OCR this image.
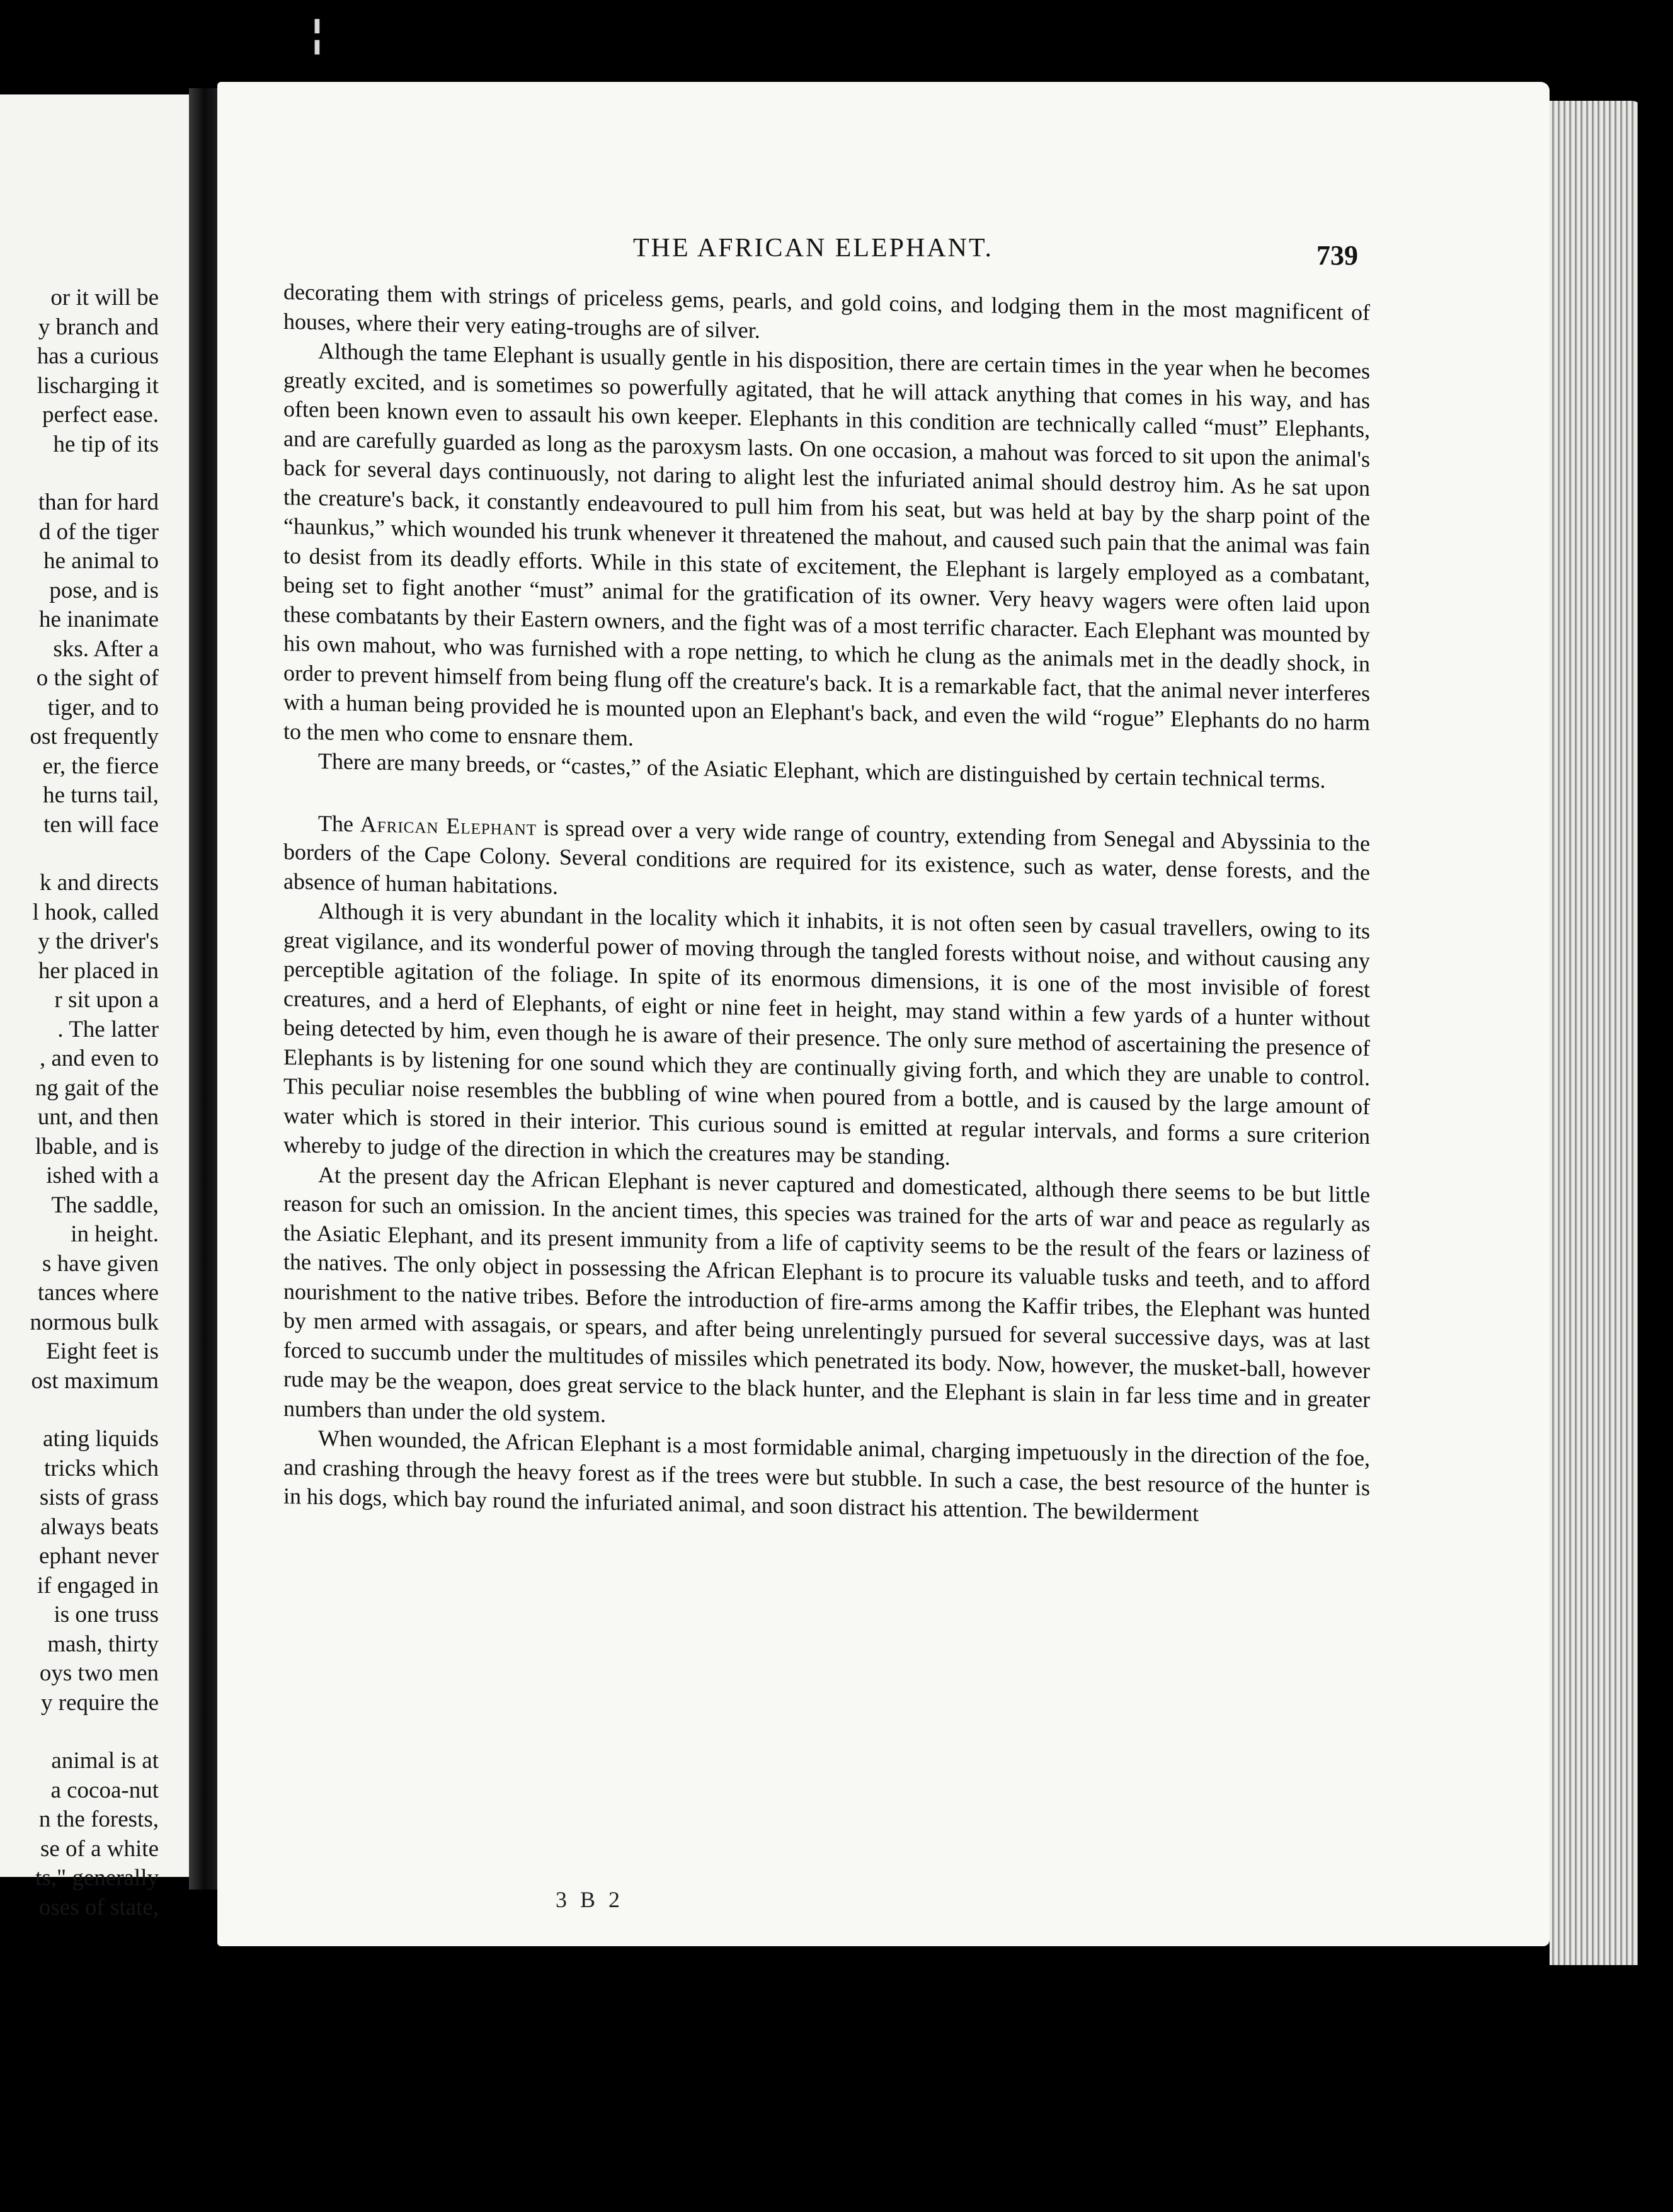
¦
or it will be
y branch and
has a curious
lischarging it
perfect ease.
he tip of its
than for hard
d of the tiger
he animal to
pose, and is
he inanimate
sks. After a
o the sight of
tiger, and to
ost frequently
er, the fierce
he turns tail,
ten will face
k and directs
l hook, called
y the driver's
her placed in
r sit upon a
. The latter
, and even to
ng gait of the
unt, and then
lbable, and is
ished with a
The saddle,
in height.
s have given
tances where
normous bulk
Eight feet is
ost maximum
ating liquids
tricks which
sists of grass
always beats
ephant never
if engaged in
is one truss
mash, thirty
oys two men
y require the
animal is at
a cocoa-nut
n the forests,
se of a white
ts," generally
oses of state,
THE AFRICAN ELEPHANT.	739

decorating them with strings of priceless gems, pearls, and gold coins, and lodging them in the most magnificent of houses, where their very eating-troughs are of silver.

Although the tame Elephant is usually gentle in his disposition, there are certain times in the year when he becomes greatly excited, and is sometimes so powerfully agitated, that he will attack anything that comes in his way, and has often been known even to assault his own keeper. Elephants in this condition are technically called “must” Elephants, and are carefully guarded as long as the paroxysm lasts. On one occasion, a mahout was forced to sit upon the animal's back for several days continuously, not daring to alight lest the infuriated animal should destroy him. As he sat upon the creature's back, it constantly endeavoured to pull him from his seat, but was held at bay by the sharp point of the “haunkus,” which wounded his trunk whenever it threatened the mahout, and caused such pain that the animal was fain to desist from its deadly efforts. While in this state of excitement, the Elephant is largely employed as a combatant, being set to fight another “must” animal for the gratification of its owner. Very heavy wagers were often laid upon these combatants by their Eastern owners, and the fight was of a most terrific character. Each Elephant was mounted by his own mahout, who was furnished with a rope netting, to which he clung as the animals met in the deadly shock, in order to prevent himself from being flung off the creature's back. It is a remarkable fact, that the animal never interferes with a human being provided he is mounted upon an Elephant's back, and even the wild “rogue” Elephants do no harm to the men who come to ensnare them.

There are many breeds, or “castes,” of the Asiatic Elephant, which are distinguished by certain technical terms.

The African Elephant is spread over a very wide range of country, extending from Senegal and Abyssinia to the borders of the Cape Colony. Several conditions are required for its existence, such as water, dense forests, and the absence of human habitations.

Although it is very abundant in the locality which it inhabits, it is not often seen by casual travellers, owing to its great vigilance, and its wonderful power of moving through the tangled forests without noise, and without causing any perceptible agitation of the foliage. In spite of its enormous dimensions, it is one of the most invisible of forest creatures, and a herd of Elephants, of eight or nine feet in height, may stand within a few yards of a hunter without being detected by him, even though he is aware of their presence. The only sure method of ascertaining the presence of Elephants is by listening for one sound which they are continually giving forth, and which they are unable to control. This peculiar noise resembles the bubbling of wine when poured from a bottle, and is caused by the large amount of water which is stored in their interior. This curious sound is emitted at regular intervals, and forms a sure criterion whereby to judge of the direction in which the creatures may be standing.

At the present day the African Elephant is never captured and domesticated, although there seems to be but little reason for such an omission. In the ancient times, this species was trained for the arts of war and peace as regularly as the Asiatic Elephant, and its present immunity from a life of captivity seems to be the result of the fears or laziness of the natives. The only object in possessing the African Elephant is to procure its valuable tusks and teeth, and to afford nourishment to the native tribes. Before the introduction of fire-arms among the Kaffir tribes, the Elephant was hunted by men armed with assagais, or spears, and after being unrelentingly pursued for several successive days, was at last forced to succumb under the multitudes of missiles which penetrated its body. Now, however, the musket-ball, however rude may be the weapon, does great service to the black hunter, and the Elephant is slain in far less time and in greater numbers than under the old system.

When wounded, the African Elephant is a most formidable animal, charging impetuously in the direction of the foe, and crashing through the heavy forest as if the trees were but stubble. In such a case, the best resource of the hunter is in his dogs, which bay round the infuriated animal, and soon distract his attention. The bewilderment

3 B 2
